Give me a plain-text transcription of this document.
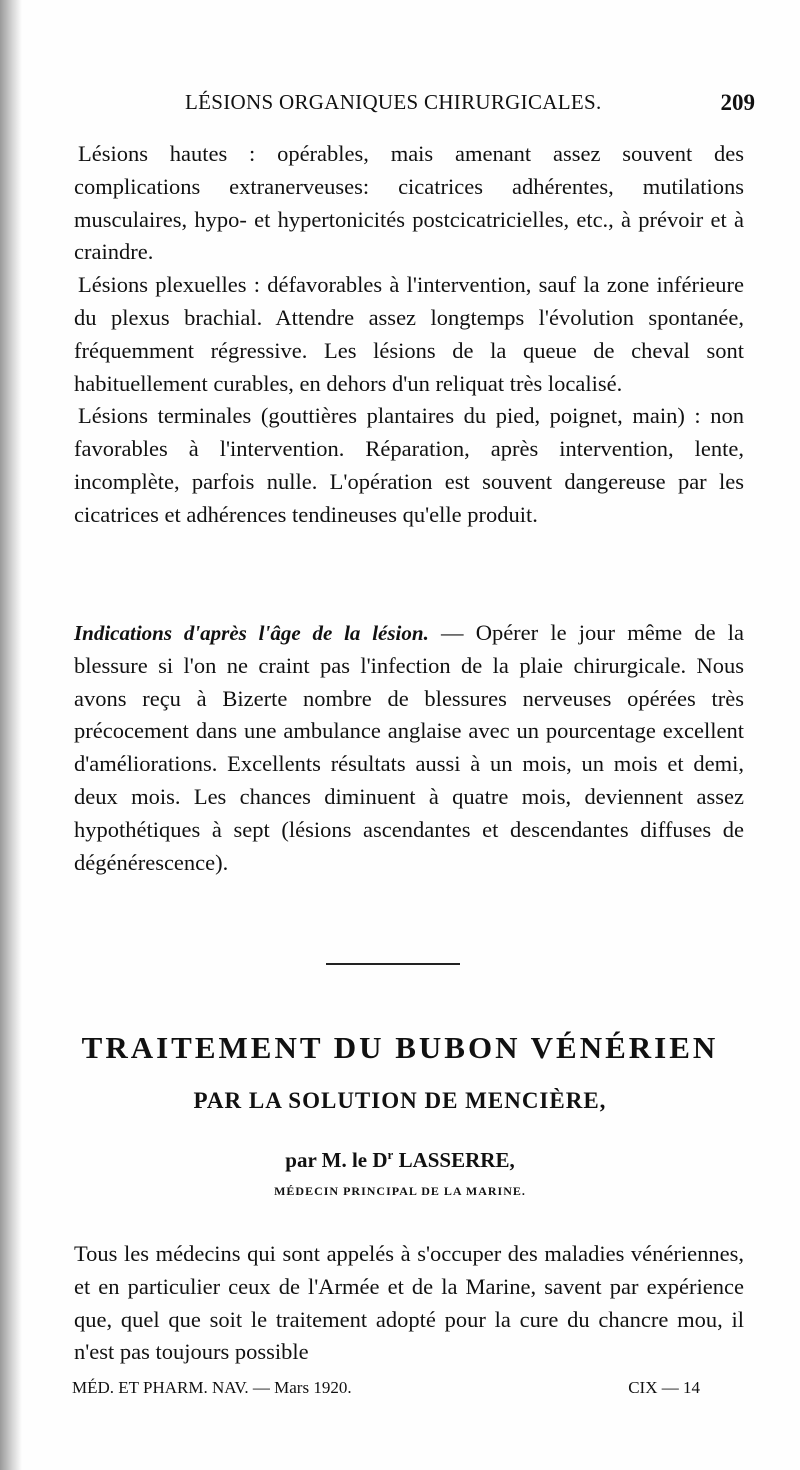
LÉSIONS ORGANIQUES CHIRURGICALES.	209

Lésions hautes : opérables, mais amenant assez souvent des complications extranerveuses: cicatrices adhérentes, mutilations musculaires, hypo- et hypertonicités postcicatricielles, etc., à prévoir et à craindre.

Lésions plexuelles : défavorables à l'intervention, sauf la zone inférieure du plexus brachial. Attendre assez longtemps l'évolution spontanée, fréquemment régressive. Les lésions de la queue de cheval sont habituellement curables, en dehors d'un reliquat très localisé.

Lésions terminales (gouttières plantaires du pied, poignet, main) : non favorables à l'intervention. Réparation, après intervention, lente, incomplète, parfois nulle. L'opération est souvent dangereuse par les cicatrices et adhérences tendineuses qu'elle produit.

Indications d'après l'âge de la lésion. — Opérer le jour même de la blessure si l'on ne craint pas l'infection de la plaie chirurgicale. Nous avons reçu à Bizerte nombre de blessures nerveuses opérées très précocement dans une ambulance anglaise avec un pourcentage excellent d'améliorations. Excellents résultats aussi à un mois, un mois et demi, deux mois. Les chances diminuent à quatre mois, deviennent assez hypothétiques à sept (lésions ascendantes et descendantes diffuses de dégénérescence).

TRAITEMENT DU BUBON VÉNÉRIEN
PAR LA SOLUTION DE MENCIÈRE,
par M. le $D^r$ LASSERRE,
MÉDECIN PRINCIPAL DE LA MARINE.

Tous les médecins qui sont appelés à s'occuper des maladies vénériennes, et en particulier ceux de l'Armée et de la Marine, savent par expérience que, quel que soit le traitement adopté pour la cure du chancre mou, il n'est pas toujours possible

MÉD. ET PHARM. NAV. — Mars 1920.	CIX — 14
